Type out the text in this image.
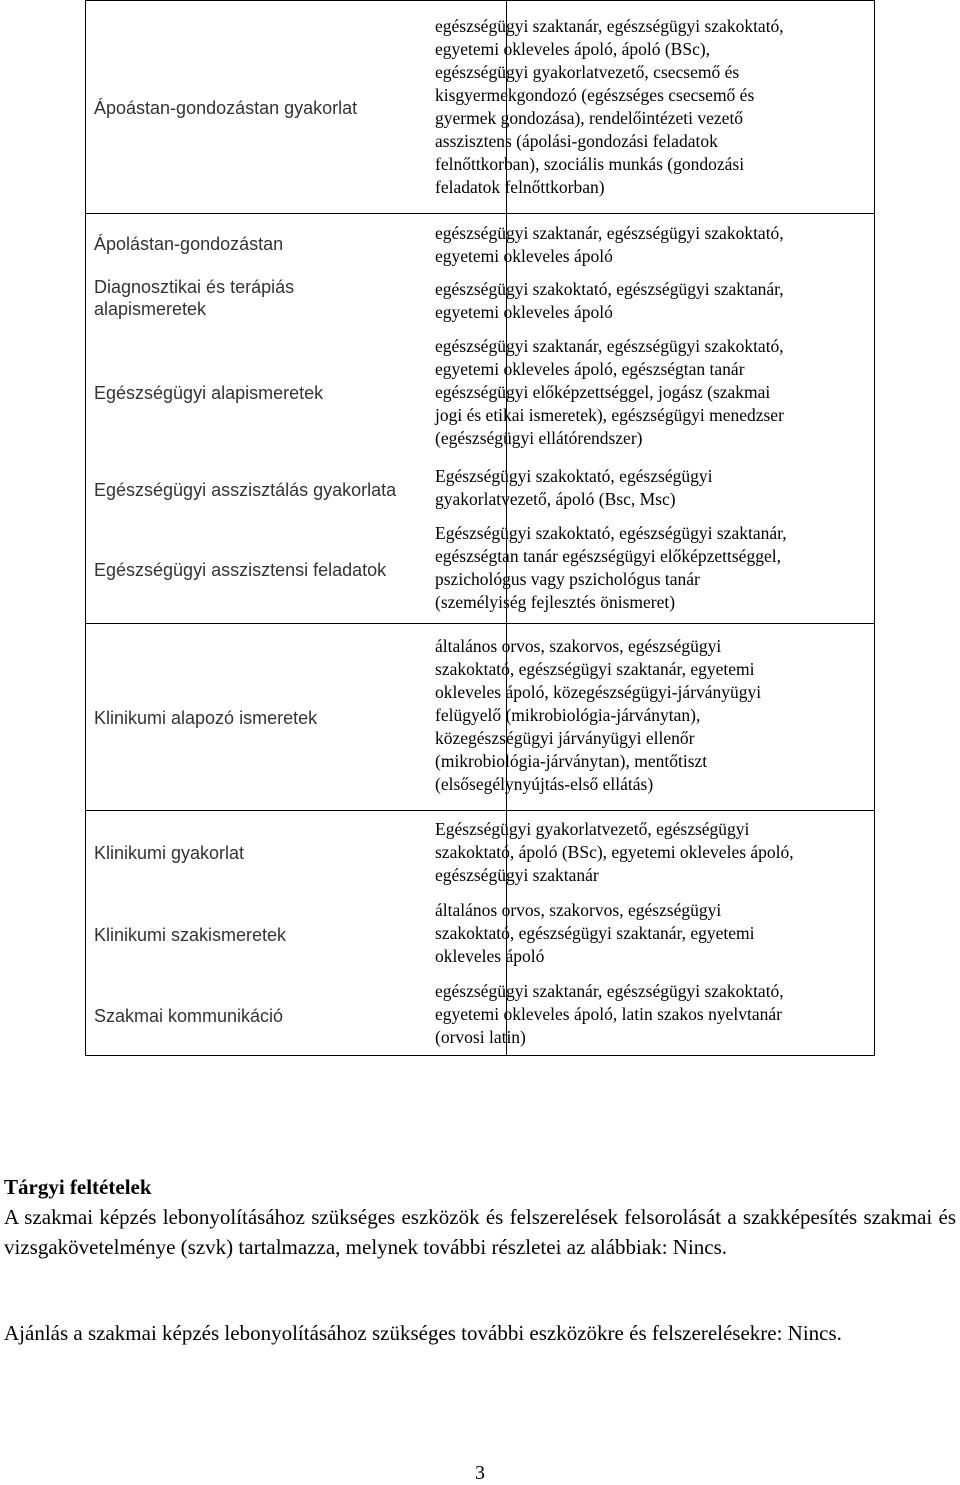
Ápoástan-gondozástan gyakorlat
Ápolástan-gondozástan
Diagnosztikai és terápiás alapismeretek
Egészségügyi alapismeretek
Egészségügyi asszisztálás gyakorlata
Egészségügyi asszisztensi feladatok
Klinikumi alapozó ismeretek
Klinikumi gyakorlat
Klinikumi szakismeretek
Szakmai kommunikáció
egészségügyi szaktanár, egészségügyi szakoktató,
egyetemi okleveles ápoló, ápoló (BSc),
egészségügyi gyakorlatvezető, csecsemő és
kisgyermekgondozó (egészséges csecsemő és
gyermek gondozása), rendelőintézeti vezető
asszisztens (ápolási-gondozási feladatok
felnőttkorban), szociális munkás (gondozási
feladatok felnőttkorban)
egészségügyi szaktanár, egészségügyi szakoktató,
egyetemi okleveles ápoló
egészségügyi szakoktató, egészségügyi szaktanár,
egyetemi okleveles ápoló
egészségügyi szaktanár, egészségügyi szakoktató,
egyetemi okleveles ápoló, egészségtan tanár
egészségügyi előképzettséggel, jogász (szakmai
jogi és etikai ismeretek), egészségügyi menedzser
(egészségügyi ellátórendszer)
Egészségügyi szakoktató, egészségügyi
gyakorlatvezető, ápoló (Bsc, Msc)
Egészségügyi szakoktató, egészségügyi szaktanár,
egészségtan tanár egészségügyi előképzettséggel,
pszichológus vagy pszichológus tanár
(személyiség fejlesztés önismeret)
általános orvos, szakorvos, egészségügyi
szakoktató, egészségügyi szaktanár, egyetemi
okleveles ápoló, közegészségügyi-járványügyi
felügyelő (mikrobiológia-járványtan),
közegészségügyi járványügyi ellenőr
(mikrobiológia-járványtan), mentőtiszt
(elsősegélynyújtás-első ellátás)
Egészségügyi gyakorlatvezető, egészségügyi
szakoktató, ápoló (BSc), egyetemi okleveles ápoló,
egészségügyi szaktanár
általános orvos, szakorvos, egészségügyi
szakoktató, egészségügyi szaktanár, egyetemi
okleveles ápoló
egészségügyi szaktanár, egészségügyi szakoktató,
egyetemi okleveles ápoló, latin szakos nyelvtanár
(orvosi latin)
Tárgyi feltételek
A szakmai képzés lebonyolításához szükséges eszközök és felszerelések felsorolását a szakképesítés szakmai és vizsgakövetelménye (szvk) tartalmazza, melynek további részletei az alábbiak: Nincs.
Ajánlás a szakmai képzés lebonyolításához szükséges további eszközökre és felszerelésekre: Nincs.
3
